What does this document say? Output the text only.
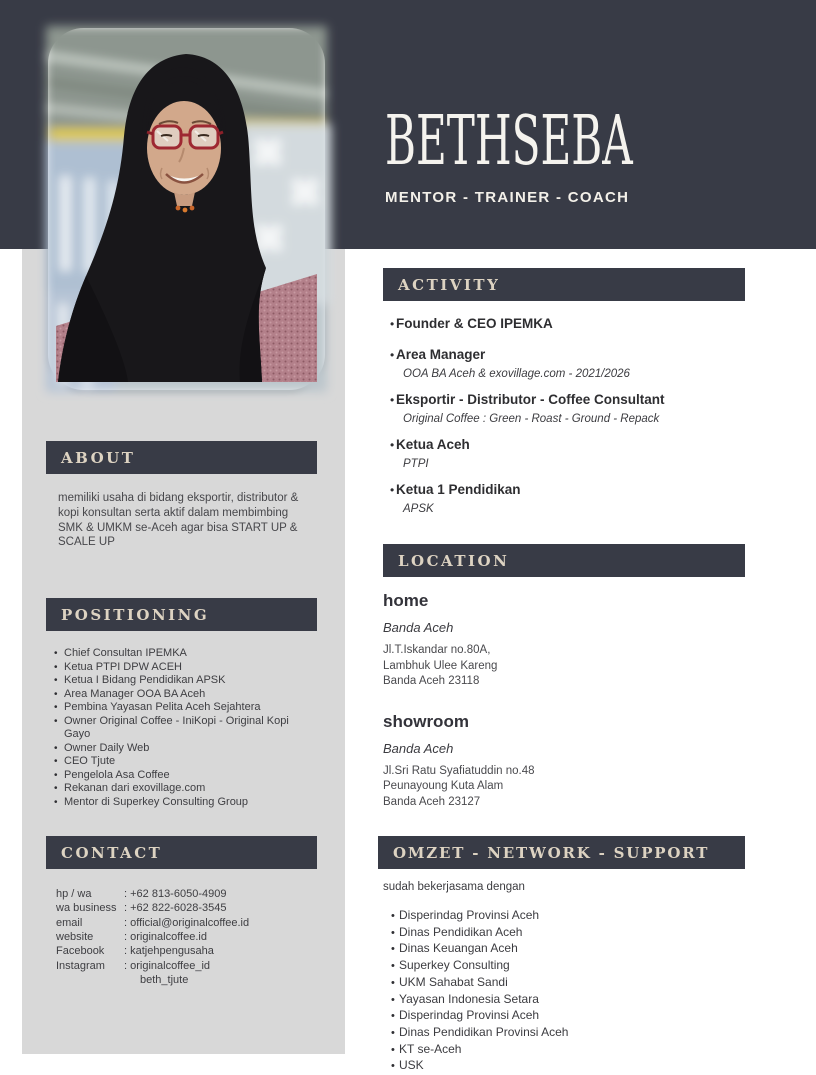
BETHSEBA
MENTOR - TRAINER - COACH
ABOUT
memiliki usaha di bidang eksportir, distributor & kopi konsultan serta aktif dalam membimbing SMK & UMKM se-Aceh agar bisa START UP & SCALE UP
POSITIONING
• Chief Consultan IPEMKA
• Ketua PTPI DPW ACEH
• Ketua I Bidang Pendidikan APSK
• Area Manager OOA BA Aceh
• Pembina Yayasan Pelita Aceh Sejahtera
• Owner Original Coffee - IniKopi - Original Kopi Gayo
• Owner Daily Web
• CEO Tjute
• Pengelola Asa Coffee
• Rekanan dari exovillage.com
• Mentor di Superkey Consulting Group
CONTACT
hp / wa	: +62 813-6050-4909
wa business : +62 822-6028-3545
email	: official@originalcoffee.id
website	: originalcoffee.id
Facebook	: katjehpengusaha
Instagram	: originalcoffee_id
beth_tjute
ACTIVITY
• Founder & CEO IPEMKA
• Area Manager
OOA BA Aceh & exovillage.com - 2021/2026
• Eksportir - Distributor - Coffee Consultant
Original Coffee : Green - Roast - Ground - Repack
• Ketua Aceh
PTPI
• Ketua 1 Pendidikan
APSK
LOCATION
home
Banda Aceh
Jl.T.Iskandar no.80A,
Lambhuk Ulee Kareng
Banda Aceh 23118
showroom
Banda Aceh
Jl.Sri Ratu Syafiatuddin no.48
Peunayoung Kuta Alam
Banda Aceh 23127
OMZET - NETWORK - SUPPORT
sudah bekerjasama dengan
• Disperindag Provinsi Aceh
• Dinas Pendidikan Aceh
• Dinas Keuangan Aceh
• Superkey Consulting
• UKM Sahabat Sandi
• Yayasan Indonesia Setara
• Disperindag Provinsi Aceh
• Dinas Pendidikan Provinsi Aceh
• KT se-Aceh
• USK
